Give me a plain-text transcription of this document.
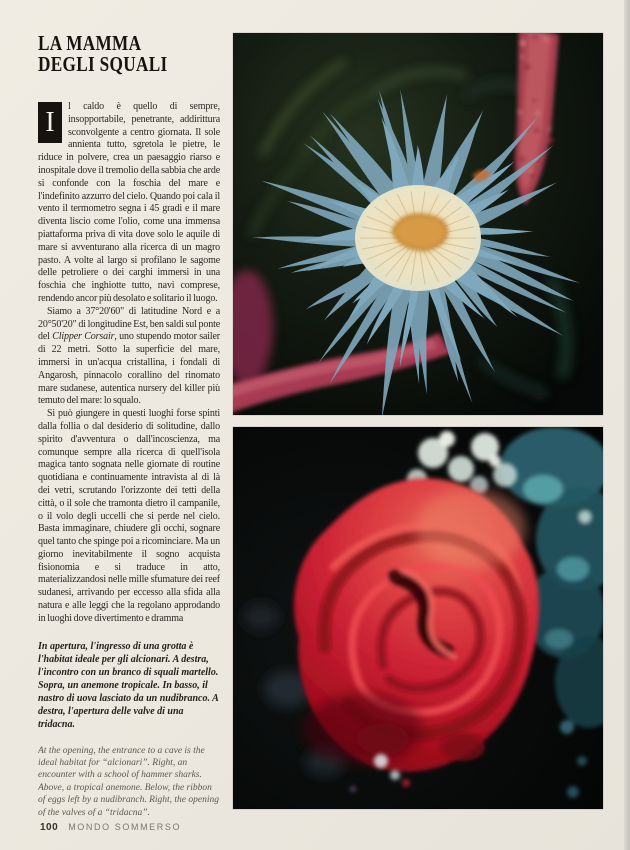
LA MAMMA
DEGLI SQUALI

I
l caldo è quello di sempre, insopportabile, penetrante, addirittura sconvolgente a centro giornata. Il sole annienta tutto, sgretola le pietre, le riduce in polvere, crea un paesaggio riarso e inospitale dove il tremolio della sabbia che arde si confonde con la foschia del mare e l'indefinito azzurro del cielo. Quando poi cala il vento il termometro segna i 45 gradi e il mare diventa liscio come l'olio, come una immensa piattaforma priva di vita dove solo le aquile di mare si avventurano alla ricerca di un magro pasto. A volte al largo si profilano le sagome delle petroliere o dei carghi immersi in una foschia che inghiotte tutto, navi comprese, rendendo ancor più desolato e solitario il luogo.

Siamo a 37°20'60" di latitudine Nord e a 20°50'20" di longitudine Est, ben saldi sul ponte del Clipper Corsair, uno stupendo motor sailer di 22 metri. Sotto la superficie del mare, immersi in un'acqua cristallina, i fondali di Angarosh, pinnacolo corallino del rinomato mare sudanese, autentica nursery del killer più temuto del mare: lo squalo.

Si può giungere in questi luoghi forse spinti dalla follia o dal desiderio di solitudine, dallo spirito d'avventura o dall'incoscienza, ma comunque sempre alla ricerca di quell'isola magica tanto sognata nelle giornate di routine quotidiana e continuamente intravista al di là dei vetri, scrutando l'orizzonte dei tetti della città, o il sole che tramonta dietro il campanile, o il volo degli uccelli che si perde nel cielo. Basta immaginare, chiudere gli occhi, sognare quel tanto che spinge poi a ricominciare. Ma un giorno inevitabilmente il sogno acquista fisionomia e si traduce in atto, materializzandosi nelle mille sfumature dei reef sudanesi, arrivando per eccesso alla sfida alla natura e alle leggi che la regolano approdando in luoghi dove divertimento e dramma

In apertura, l'ingresso di una grotta è l'habitat ideale per gli alcionari. A destra, l'incontro con un branco di squali martello. Sopra, un anemone tropicale. In basso, il nastro di uova lasciato da un nudibranco. A destra, l'apertura delle valve di una tridacna.

At the opening, the entrance to a cave is the ideal habitat for “alcionari”. Right, an encounter with a school of hammer sharks. Above, a tropical anemone. Below, the ribbon of eggs left by a nudibranch. Right, the opening of the valves of a “tridacna”.

100 MONDO SOMMERSO
